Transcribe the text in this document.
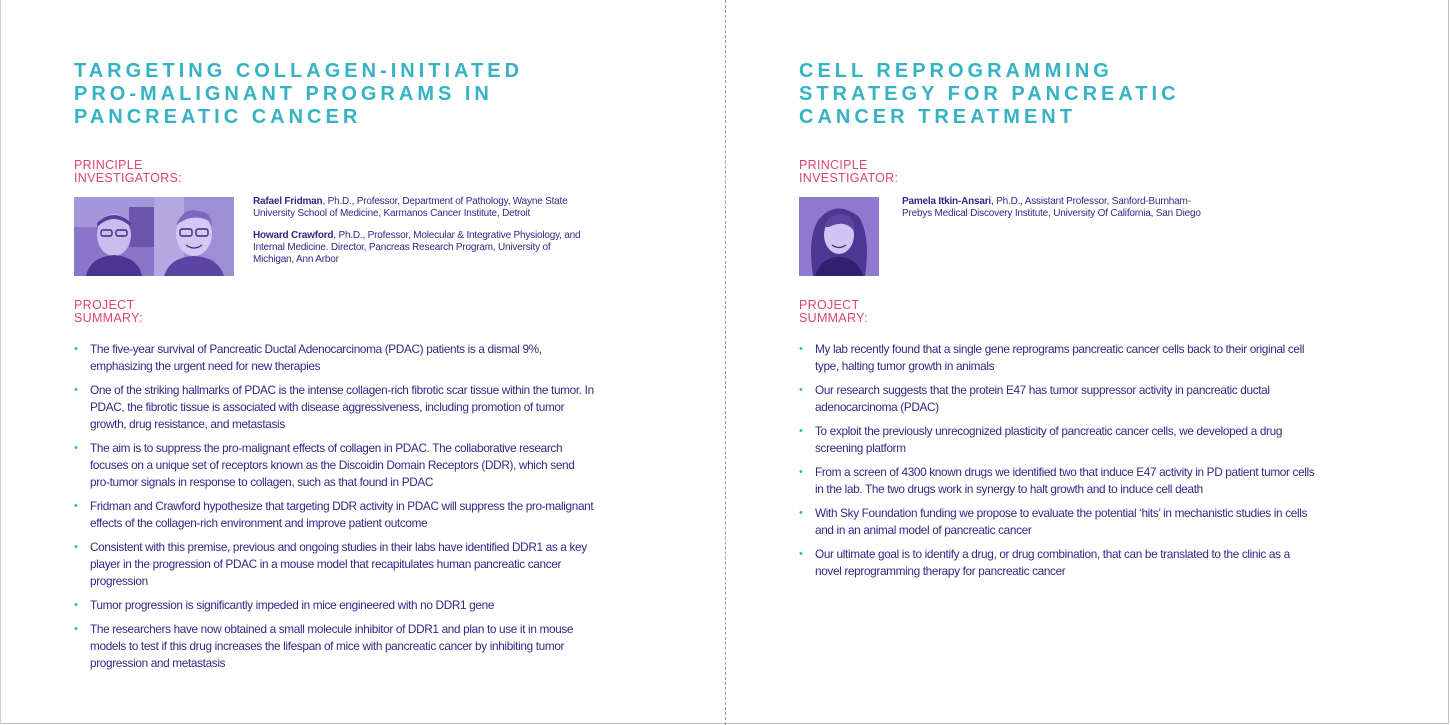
TARGETING COLLAGEN-INITIATED
PRO-MALIGNANT PROGRAMS IN
PANCREATIC CANCER
PRINCIPLE
INVESTIGATORS:

Rafael Fridman, Ph.D., Professor, Department of Pathology, Wayne State University School of Medicine, Karmanos Cancer Institute, Detroit

Howard Crawford, Ph.D., Professor, Molecular & Integrative Physiology, and Internal Medicine. Director, Pancreas Research Program, University of Michigan, Ann Arbor

PROJECT
SUMMARY:
• The five-year survival of Pancreatic Ductal Adenocarcinoma (PDAC) patients is a dismal 9%, emphasizing the urgent need for new therapies
• One of the striking hallmarks of PDAC is the intense collagen-rich fibrotic scar tissue within the tumor. In PDAC, the fibrotic tissue is associated with disease aggressiveness, including promotion of tumor growth, drug resistance, and metastasis
• The aim is to suppress the pro-malignant effects of collagen in PDAC. The collaborative research focuses on a unique set of receptors known as the Discoidin Domain Receptors (DDR), which send pro-tumor signals in response to collagen, such as that found in PDAC
• Fridman and Crawford hypothesize that targeting DDR activity in PDAC will suppress the pro-malignant effects of the collagen-rich environment and improve patient outcome
• Consistent with this premise, previous and ongoing studies in their labs have identified DDR1 as a key player in the progression of PDAC in a mouse model that recapitulates human pancreatic cancer progression
• Tumor progression is significantly impeded in mice engineered with no DDR1 gene
• The researchers have now obtained a small molecule inhibitor of DDR1 and plan to use it in mouse models to test if this drug increases the lifespan of mice with pancreatic cancer by inhibiting tumor progression and metastasis
CELL REPROGRAMMING
STRATEGY FOR PANCREATIC
CANCER TREATMENT
PRINCIPLE
INVESTIGATOR:

Pamela Itkin-Ansari, Ph.D., Assistant Professor, Sanford-Burnham-Prebys Medical Discovery Institute, University Of California, San Diego

PROJECT
SUMMARY:
• My lab recently found that a single gene reprograms pancreatic cancer cells back to their original cell type, halting tumor growth in animals
• Our research suggests that the protein E47 has tumor suppressor activity in pancreatic ductal adenocarcinoma (PDAC)
• To exploit the previously unrecognized plasticity of pancreatic cancer cells, we developed a drug screening platform
• From a screen of 4300 known drugs we identified two that induce E47 activity in PD patient tumor cells in the lab. The two drugs work in synergy to halt growth and to induce cell death
• With Sky Foundation funding we propose to evaluate the potential ‘hits’ in mechanistic studies in cells and in an animal model of pancreatic cancer
• Our ultimate goal is to identify a drug, or drug combination, that can be translated to the clinic as a novel reprogramming therapy for pancreatic cancer
